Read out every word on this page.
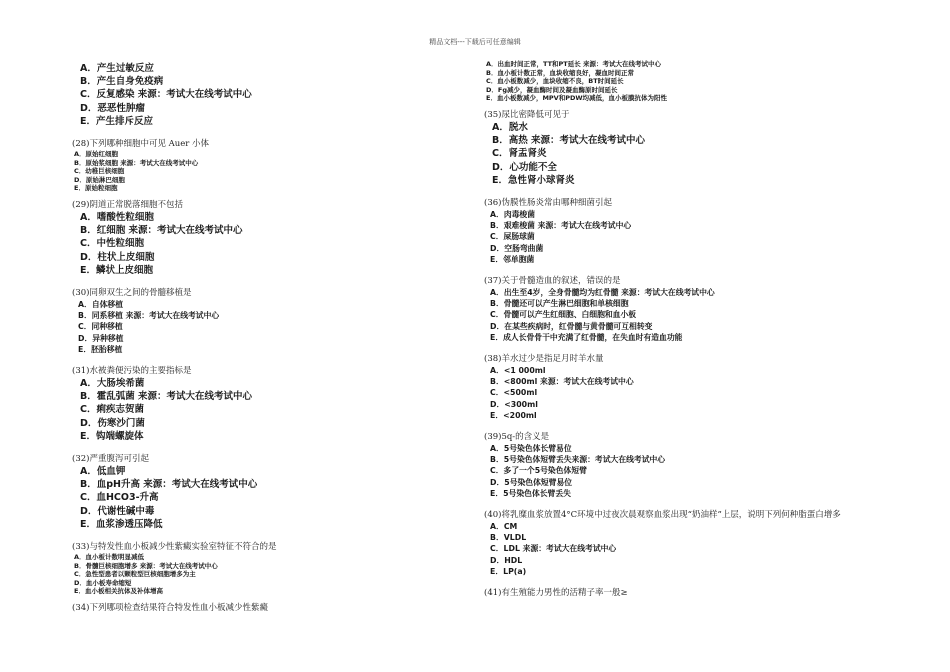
精品文档---下载后可任意编辑
A．产生过敏反应
B．产生自身免疫病
C．反复感染 来源：考试大在线考试中心
D．恶恶性肿瘤
E．产生排斥反应
(28)下列哪种细胞中可见 Auer 小体
A．原始红细胞
B．原始浆细胞 来源：考试大在线考试中心
C．幼稚巨核细胞
D．原始淋巴细胞
E．原始粒细胞
(29)阴道正常脱落细胞不包括
A．嗜酸性粒细胞
B．红细胞 来源：考试大在线考试中心
C．中性粒细胞
D．柱状上皮细胞
E．鳞状上皮细胞
(30)同卵双生之间的骨髓移植是
A．自体移植
B．同系移植 来源：考试大在线考试中心
C．同种移植
D．异种移植
E．胚胎移植
(31)水被粪便污染的主要指标是
A．大肠埃希菌
B．霍乱弧菌 来源：考试大在线考试中心
C．痢疾志贺菌
D．伤寒沙门菌
E．钩端螺旋体
(32)严重腹泻可引起
A．低血钾
B．血pH升高 来源：考试大在线考试中心
C．血HCO3-升高
D．代谢性碱中毒
E．血浆渗透压降低
(33)与特发性血小板减少性紫癜实验室特征不符合的是
A．血小板计数明显减低
B．骨髓巨核细胞增多 来源：考试大在线考试中心
C．急性型患者以颗粒型巨核细胞增多为主
D．血小板寿命缩短
E．血小板相关抗体及补体增高
(34)下列哪项检查结果符合特发性血小板减少性紫癜
A．出血时间正常，TT和PT延长 来源：考试大在线考试中心
B．血小板计数正常，血块收缩良好，凝血时间正常
C．血小板数减少，血块收缩不良，BT时间延长
D．Fg减少，凝血酶时间及凝血酶原时间延长
E．血小板数减少，MPV和PDW均减低，血小板膜抗体为阳性
(35)尿比密降低可见于
A．脱水
B．高热 来源：考试大在线考试中心
C．肾盂肾炎
D．心功能不全
E．急性肾小球肾炎
(36)伪膜性肠炎常由哪种细菌引起
A．肉毒梭菌
B．艰难梭菌 来源：考试大在线考试中心
C．屎肠球菌
D．空肠弯曲菌
E．邻单胞菌
(37)关于骨髓造血的叙述，错误的是
A．出生至4岁，全身骨髓均为红骨髓 来源：考试大在线考试中心
B．骨髓还可以产生淋巴细胞和单核细胞
C．骨髓可以产生红细胞、白细胞和血小板
D．在某些疾病时，红骨髓与黄骨髓可互相转变
E．成人长骨骨干中充满了红骨髓，在失血时有造血功能
(38)羊水过少是指足月时羊水量
A．<1 000ml
B．<800ml 来源：考试大在线考试中心
C．<500ml
D．<300ml
E．<200ml
(39)5q-的含义是
A．5号染色体长臂易位
B．5号染色体短臂丢失来源：考试大在线考试中心
C．多了一个5号染色体短臂
D．5号染色体短臂易位
E．5号染色体长臂丢失
(40)将乳糜血浆放置4°C环境中过夜次晨观察血浆出现“奶油样”上层，说明下列何种脂蛋白增多
A．CM
B．VLDL
C．LDL 来源：考试大在线考试中心
D．HDL
E．LP(a)
(41)有生殖能力男性的活精子率一般≥
